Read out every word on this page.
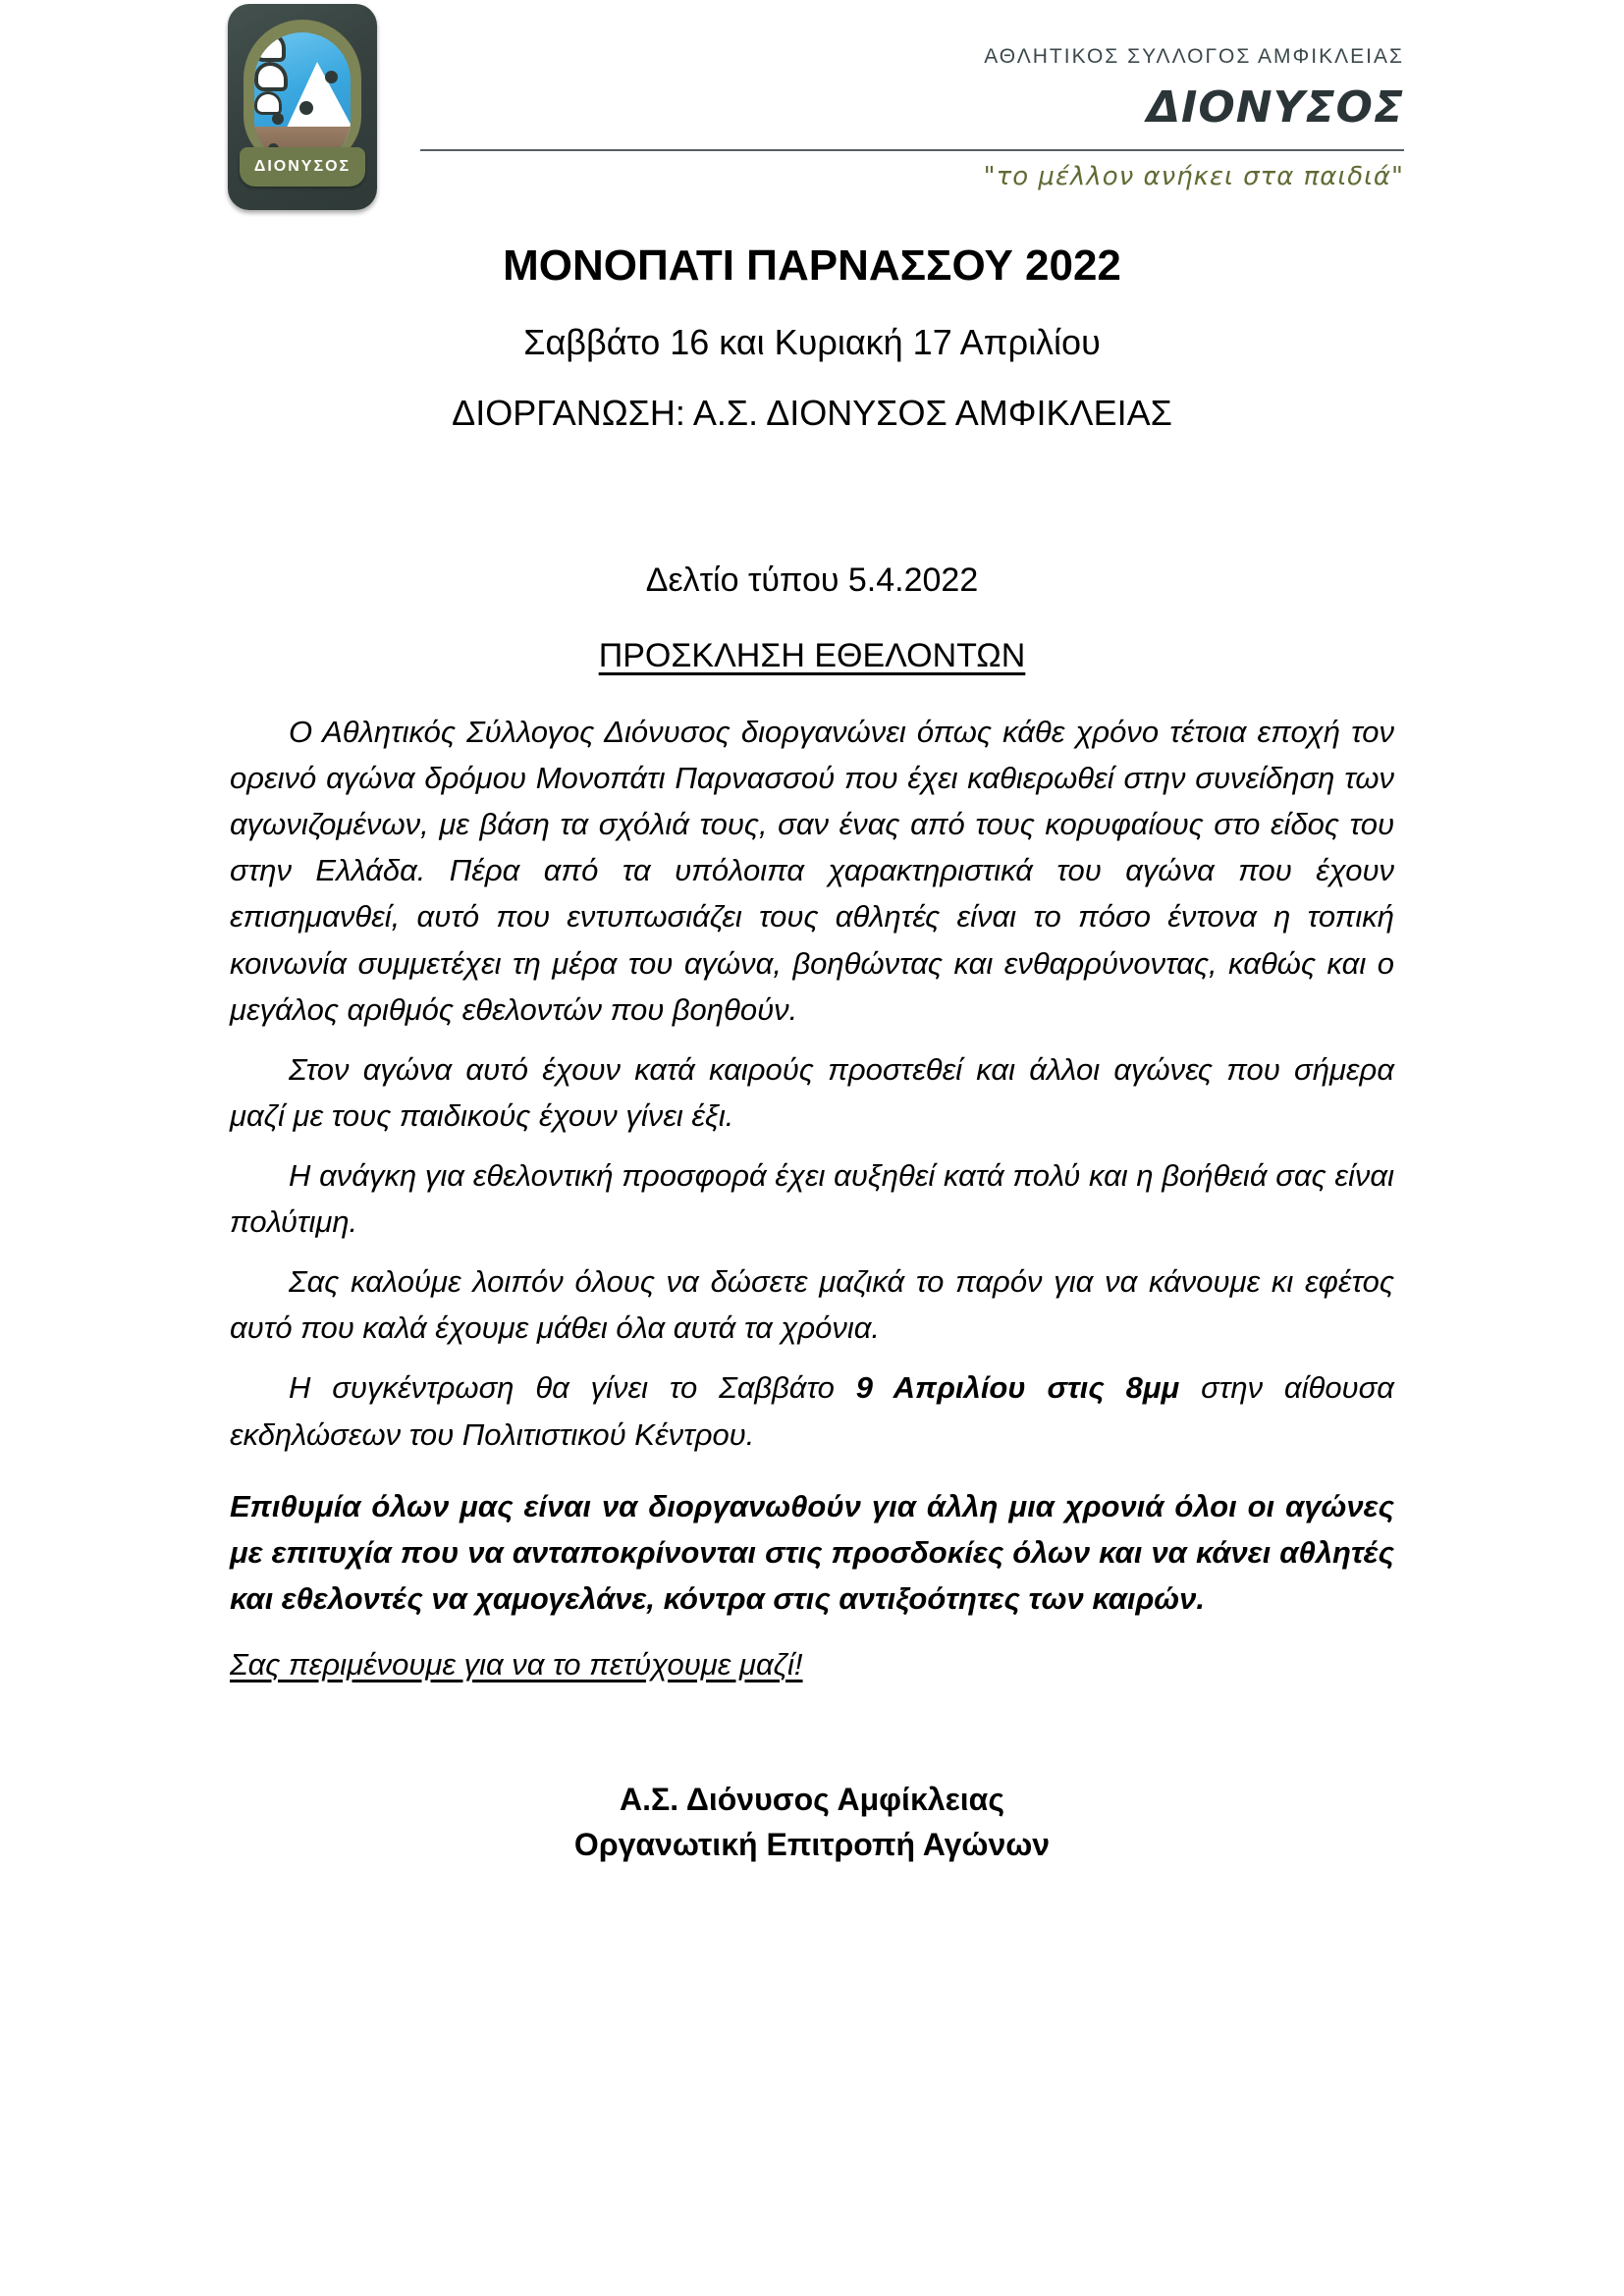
ΔΙΟΝΥΣΟΣ
ΑΘΛΗΤΙΚΟΣ ΣΥΛΛΟΓΟΣ ΑΜΦΙΚΛΕΙΑΣ
ΔΙΟΝΥΣΟΣ
"το μέλλον ανήκει στα παιδιά"
ΜΟΝΟΠΑΤΙ ΠΑΡΝΑΣΣΟΥ 2022
Σαββάτο 16 και Κυριακή 17 Απριλίου
ΔΙΟΡΓΑΝΩΣΗ: Α.Σ. ΔΙΟΝΥΣΟΣ ΑΜΦΙΚΛΕΙΑΣ
Δελτίο τύπου 5.4.2022
ΠΡΟΣΚΛΗΣΗ ΕΘΕΛΟΝΤΩΝ

Ο Αθλητικός Σύλλογος Διόνυσος διοργανώνει όπως κάθε χρόνο τέτοια εποχή τον ορεινό αγώνα δρόμου Μονοπάτι Παρνασσού που έχει καθιερωθεί στην συνείδηση των αγωνιζομένων, με βάση τα σχόλιά τους, σαν ένας από τους κορυφαίους στο είδος του στην Ελλάδα. Πέρα από τα υπόλοιπα χαρακτηριστικά του αγώνα που έχουν επισημανθεί, αυτό που εντυπωσιάζει τους αθλητές είναι το πόσο έντονα η τοπική κοινωνία συμμετέχει τη μέρα του αγώνα, βοηθώντας και ενθαρρύνοντας, καθώς και ο μεγάλος αριθμός εθελοντών που βοηθούν.

Στον αγώνα αυτό έχουν κατά καιρούς προστεθεί και άλλοι αγώνες που σήμερα μαζί με τους παιδικούς έχουν γίνει έξι.

Η ανάγκη για εθελοντική προσφορά έχει αυξηθεί κατά πολύ και η βοήθειά σας είναι πολύτιμη.

Σας καλούμε λοιπόν όλους να δώσετε μαζικά το παρόν για να κάνουμε κι εφέτος αυτό που καλά έχουμε μάθει όλα αυτά τα χρόνια.

Η συγκέντρωση θα γίνει το Σαββάτο 9 Απριλίου στις 8μμ στην αίθουσα εκδηλώσεων του Πολιτιστικού Κέντρου.

Επιθυμία όλων μας είναι να διοργανωθούν για άλλη μια χρονιά όλοι οι αγώνες με επιτυχία που να ανταποκρίνονται στις προσδοκίες όλων και να κάνει αθλητές και εθελοντές να χαμογελάνε, κόντρα στις αντιξοότητες των καιρών.

Σας περιμένουμε για να το πετύχουμε μαζί!

Α.Σ. Διόνυσος Αμφίκλειας
Οργανωτική Επιτροπή Αγώνων
